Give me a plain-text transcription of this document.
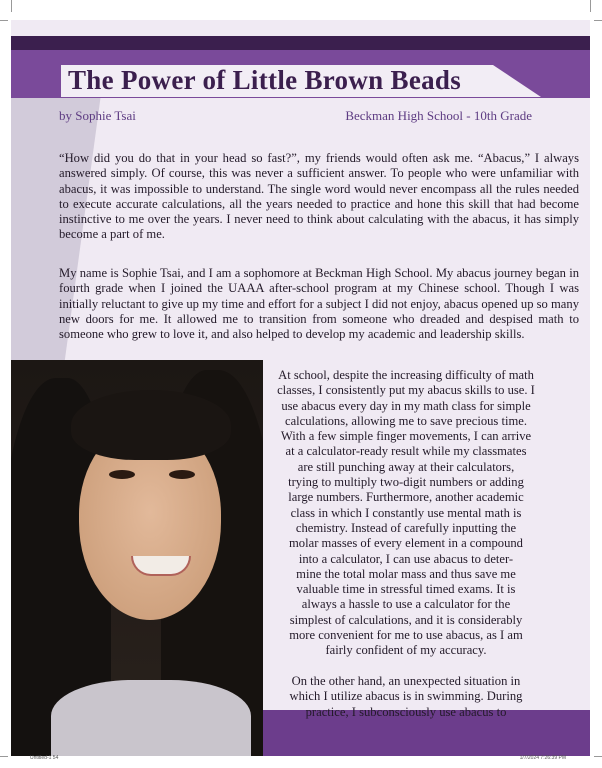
The Power of Little Brown Beads
by Sophie Tsai	Beckman High School - 10th Grade

“How did you do that in your head so fast?”, my friends would often ask me. “Abacus,” I always answered simply. Of course, this was never a sufficient answer. To people who were unfamiliar with abacus, it was impossible to understand. The single word would never encompass all the rules needed to execute accurate calculations, all the years needed to practice and hone this skill that had become instinctive to me over the years. I never need to think about calculating with the abacus, it has simply become a part of me.

My name is Sophie Tsai, and I am a sophomore at Beckman High School. My abacus journey began in fourth grade when I joined the UAAA after-school program at my Chinese school. Though I was initially reluctant to give up my time and effort for a subject I did not enjoy, abacus opened up so many new doors for me. It allowed me to transition from someone who dreaded and despised math to someone who grew to love it, and also helped to develop my academic and leadership skills.

At school, despite the increasing difficulty of math
classes, I consistently put my abacus skills to use. I
use abacus every day in my math class for simple
calculations, allowing me to save precious time.
With a few simple finger movements, I can arrive
at a calculator-ready result while my classmates
are still punching away at their calculators,
trying to multiply two-digit numbers or adding
large numbers. Furthermore, another academic
class in which I constantly use mental math is
chemistry. Instead of carefully inputting the
molar masses of every element in a compound
into a calculator, I can use abacus to deter-
mine the total molar mass and thus save me
valuable time in stressful timed exams. It is
always a hassle to use a calculator for the
simplest of calculations, and it is considerably
more convenient for me to use abacus, as I am
fairly confident of my accuracy.
On the other hand, an unexpected situation in
which I utilize abacus is in swimming. During
practice, I subconsciously use abacus to
Untitled-1 54	1/7/2024 7:26:39 PM
